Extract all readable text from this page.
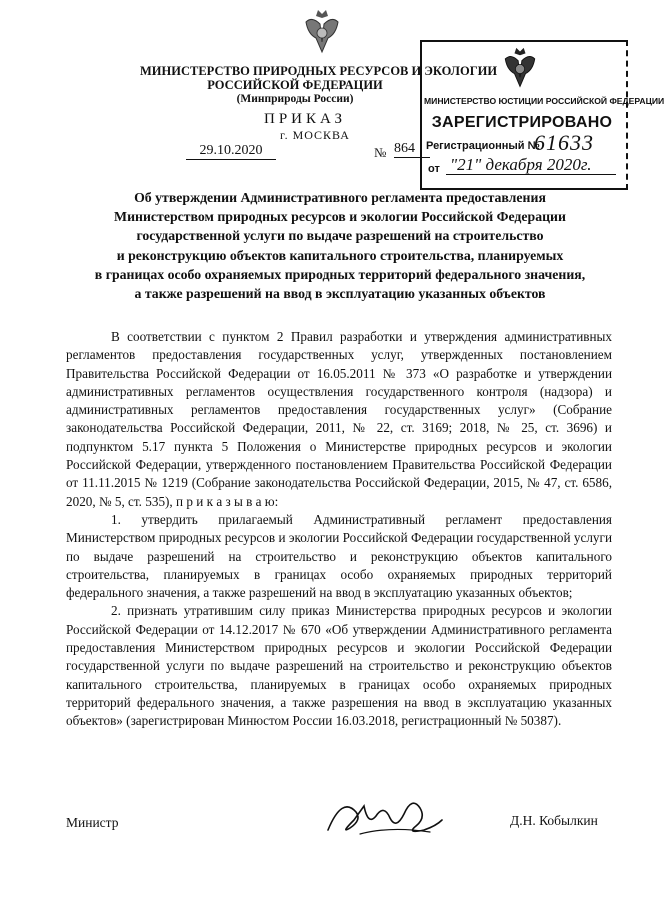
МИНИСТЕРСТВО ПРИРОДНЫХ РЕСУРСОВ И ЭКОЛОГИИ
РОССИЙСКОЙ ФЕДЕРАЦИИ
(Минприроды России)
ПРИКАЗ
г. МОСКВА
29.10.2020	№ 864
МИНИСТЕРСТВО ЮСТИЦИИ РОССИЙСКОЙ ФЕДЕРАЦИИ
ЗАРЕГИСТРИРОВАНО
Регистрационный №
61633
от "21" декабря 2020г.
Об утверждении Административного регламента предоставления
Министерством природных ресурсов и экологии Российской Федерации
государственной услуги по выдаче разрешений на строительство
и реконструкцию объектов капитального строительства, планируемых
в границах особо охраняемых природных территорий федерального значения,
а также разрешений на ввод в эксплуатацию указанных объектов

В соответствии с пунктом 2 Правил разработки и утверждения административных регламентов предоставления государственных услуг, утвержденных постановлением Правительства Российской Федерации от 16.05.2011 № 373 «О разработке и утверждении административных регламентов осуществления государственного контроля (надзора) и административных регламентов предоставления государственных услуг» (Собрание законодательства Российской Федерации, 2011, № 22, ст. 3169; 2018, № 25, ст. 3696) и подпунктом 5.17 пункта 5 Положения о Министерстве природных ресурсов и экологии Российской Федерации, утвержденного постановлением Правительства Российской Федерации от 11.11.2015 № 1219 (Собрание законодательства Российской Федерации, 2015, № 47, ст. 6586, 2020, № 5, ст. 535), п р и к а з ы в а ю:

1. утвердить прилагаемый Административный регламент предоставления Министерством природных ресурсов и экологии Российской Федерации государственной услуги по выдаче разрешений на строительство и реконструкцию объектов капитального строительства, планируемых в границах особо охраняемых природных территорий федерального значения, а также разрешений на ввод в эксплуатацию указанных объектов;

2. признать утратившим силу приказ Министерства природных ресурсов и экологии Российской Федерации от 14.12.2017 № 670 «Об утверждении Административного регламента предоставления Министерством природных ресурсов и экологии Российской Федерации государственной услуги по выдаче разрешений на строительство и реконструкцию объектов капитального строительства, планируемых в границах особо охраняемых природных территорий федерального значения, а также разрешения на ввод в эксплуатацию указанных объектов» (зарегистрирован Минюстом России 16.03.2018, регистрационный № 50387).

Министр	Д.Н. Кобылкин
